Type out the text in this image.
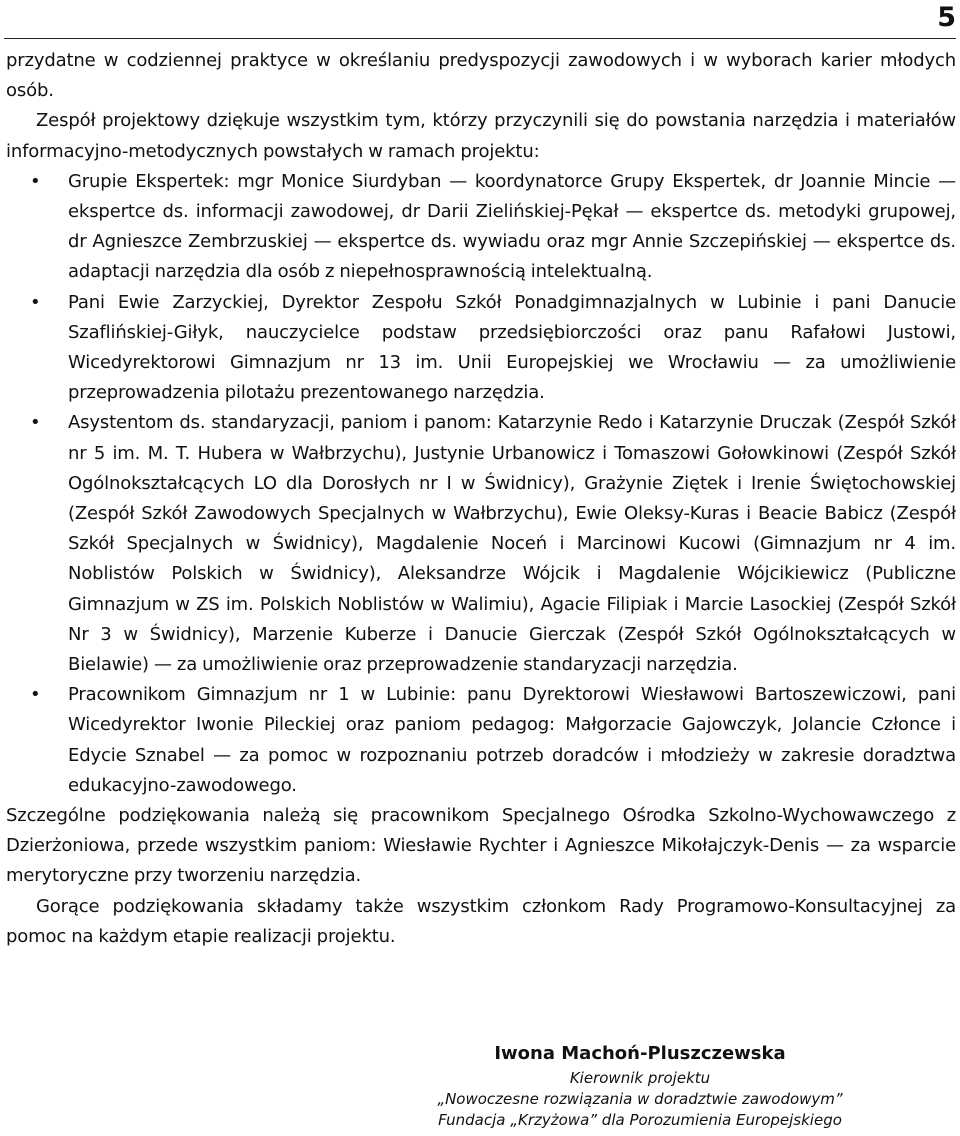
5

przydatne w codziennej praktyce w określaniu predyspozycji zawodowych i w wyborach karier młodych osób.

Zespół projektowy dziękuje wszystkim tym, którzy przyczynili się do powstania narzędzia i materiałów informacyjno-metodycznych powstałych w ramach projektu:

• Grupie Ekspertek: mgr Monice Siurdyban — koordynatorce Grupy Ekspertek, dr Joannie Mincie — ekspertce ds. informacji zawodowej, dr Darii Zielińskiej-Pękał — ekspertce ds. metodyki grupowej, dr Agnieszce Zembrzuskiej — ekspertce ds. wywiadu oraz mgr Annie Szczepińskiej — ekspertce ds. adaptacji narzędzia dla osób z niepełnosprawnością intelektualną.
• Pani Ewie Zarzyckiej, Dyrektor Zespołu Szkół Ponadgimnazjalnych w Lubinie i pani Danucie Szaflińskiej-Giłyk, nauczycielce podstaw przedsiębiorczości oraz panu Rafałowi Justowi, Wicedyrektorowi Gimnazjum nr 13 im. Unii Europejskiej we Wrocławiu — za umożliwienie przeprowadzenia pilotażu prezentowanego narzędzia.
• Asystentom ds. standaryzacji, paniom i panom: Katarzynie Redo i Katarzynie Druczak (Zespół Szkół nr 5 im. M. T. Hubera w Wałbrzychu), Justynie Urbanowicz i Tomaszowi Gołowkinowi (Zespół Szkół Ogólnokształcących LO dla Dorosłych nr I w Świdnicy), Grażynie Ziętek i Irenie Świętochowskiej (Zespół Szkół Zawodowych Specjalnych w Wałbrzychu), Ewie Oleksy-Kuras i Beacie Babicz (Zespół Szkół Specjalnych w Świdnicy), Magdalenie Noceń i Marcinowi Kucowi (Gimnazjum nr 4 im. Noblistów Polskich w Świdnicy), Aleksandrze Wójcik i Magdalenie Wójcikiewicz (Publiczne Gimnazjum w ZS im. Polskich Noblistów w Walimiu), Agacie Filipiak i Marcie Lasockiej (Zespół Szkół Nr 3 w Świdnicy), Marzenie Kuberze i Danucie Gierczak (Zespół Szkół Ogólnokształcących w Bielawie) — za umożliwienie oraz przeprowadzenie standaryzacji narzędzia.
• Pracownikom Gimnazjum nr 1 w Lubinie: panu Dyrektorowi Wiesławowi Bartoszewiczowi, pani Wicedyrektor Iwonie Pileckiej oraz paniom pedagog: Małgorzacie Gajowczyk, Jolancie Członce i Edycie Sznabel — za pomoc w rozpoznaniu potrzeb doradców i młodzieży w zakresie doradztwa edukacyjno-zawodowego.

Szczególne podziękowania należą się pracownikom Specjalnego Ośrodka Szkolno-Wychowawczego z Dzierżoniowa, przede wszystkim paniom: Wiesławie Rychter i Agnieszce Mikołajczyk-Denis — za wsparcie merytoryczne przy tworzeniu narzędzia.

Gorące podziękowania składamy także wszystkim członkom Rady Programowo-Konsultacyjnej za pomoc na każdym etapie realizacji projektu.

Iwona Machoń-Pluszczewska
Kierownik projektu
„Nowoczesne rozwiązania w doradztwie zawodowym”
Fundacja „Krzyżowa” dla Porozumienia Europejskiego
